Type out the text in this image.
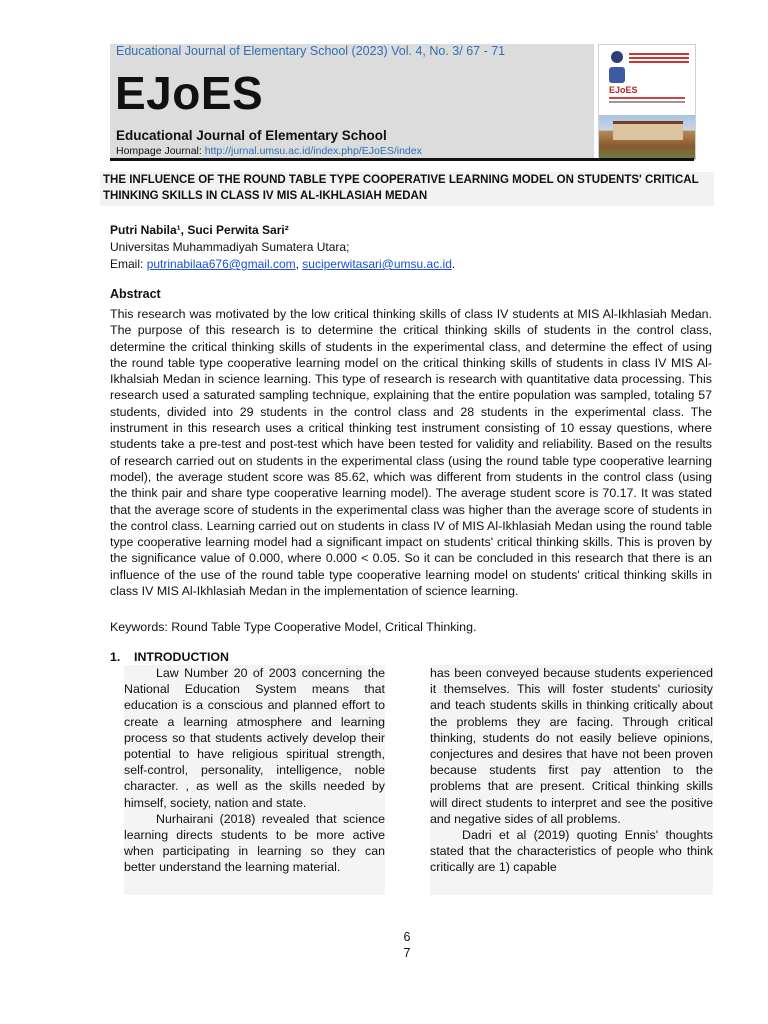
Educational Journal of Elementary School (2023) Vol. 4, No. 3/ 67 - 71
EJoES
Educational Journal of Elementary School
Hompage Journal: http://jurnal.umsu.ac.id/index.php/EJoES/index
EJoES
THE INFLUENCE OF THE ROUND TABLE TYPE COOPERATIVE LEARNING MODEL ON STUDENTS' CRITICAL
THINKING SKILLS IN CLASS IV MIS AL-IKHLASIAH MEDAN
Putri Nabila¹, Suci Perwita Sari²
Universitas Muhammadiyah Sumatera Utara;
Email: putrinabilaa676@gmail.com, suciperwitasari@umsu.ac.id.
Abstract
This research was motivated by the low critical thinking skills of class IV students at MIS Al-Ikhlasiah Medan. The purpose of this research is to determine the critical thinking skills of students in the control class, determine the critical thinking skills of students in the experimental class, and determine the effect of using the round table type cooperative learning model on the critical thinking skills of students in class IV MIS Al-Ikhalsiah Medan in science learning. This type of research is research with quantitative data processing. This research used a saturated sampling technique, explaining that the entire population was sampled, totaling 57 students, divided into 29 students in the control class and 28 students in the experimental class. The instrument in this research uses a critical thinking test instrument consisting of 10 essay questions, where students take a pre-test and post-test which have been tested for validity and reliability. Based on the results of research carried out on students in the experimental class (using the round table type cooperative learning model), the average student score was 85.62, which was different from students in the control class (using the think pair and share type cooperative learning model). The average student score is 70.17. It was stated that the average score of students in the experimental class was higher than the average score of students in the control class. Learning carried out on students in class IV of MIS Al-Ikhlasiah Medan using the round table type cooperative learning model had a significant impact on students' critical thinking skills. This is proven by the significance value of 0.000, where 0.000 < 0.05. So it can be concluded in this research that there is an influence of the use of the round table type cooperative learning model on students' critical thinking skills in class IV MIS Al-Ikhlasiah Medan in the implementation of science learning.
Keywords: Round Table Type Cooperative Model, Critical Thinking.
1. INTRODUCTION

Law Number 20 of 2003 concerning the National Education System means that education is a conscious and planned effort to create a learning atmosphere and learning process so that students actively develop their potential to have religious spiritual strength, self-control, personality, intelligence, noble character. , as well as the skills needed by himself, society, nation and state.

Nurhairani (2018) revealed that science learning directs students to be more active when participating in learning so they can better understand the learning material.

has been conveyed because students experienced it themselves. This will foster students' curiosity and teach students skills in thinking critically about the problems they are facing. Through critical thinking, students do not easily believe opinions, conjectures and desires that have not been proven because students first pay attention to the problems that are present. Critical thinking skills will direct students to interpret and see the positive and negative sides of all problems.

Dadri et al (2019) quoting Ennis' thoughts stated that the characteristics of people who think critically are 1) capable

6
7
